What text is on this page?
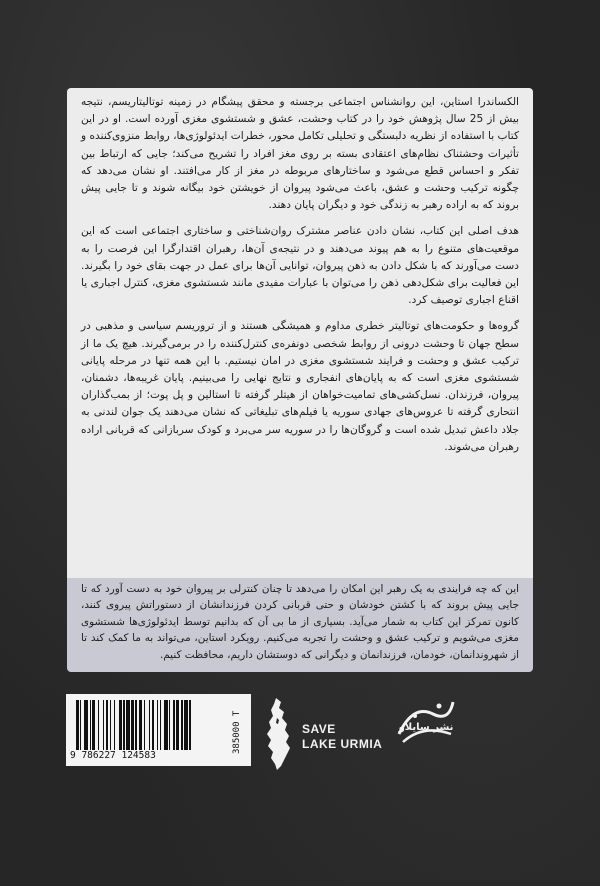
الکساندرا استاین، این روانشناس اجتماعی برجسته و محقق پیشگام در زمینه توتالیتاریسم، نتیجه بیش از 25 سال پژوهش خود را در کتاب وحشت، عشق و شستشوی مغزی آورده است. او در این کتاب با استفاده از نظریه دلبستگی و تحلیلی تکامل محور، خطرات ایدئولوژی‌ها، روابط منزوی‌کننده و تأثیرات وحشتناک نظام‌های اعتقادی بسته بر روی مغز افراد را تشریح می‌کند؛ جایی که ارتباط بین تفکر و احساس قطع می‌شود و ساختارهای مربوطه در مغز از کار می‌افتند. او نشان می‌دهد که چگونه ترکیب وحشت و عشق، باعث می‌شود پیروان از خویشتن خود بیگانه شوند و تا جایی پیش بروند که به اراده رهبر به زندگی خود و دیگران پایان دهند.

هدف اصلی این کتاب، نشان دادن عناصر مشترک روان‌شناختی و ساختاری اجتماعی است که این موقعیت‌های متنوع را به هم پیوند می‌دهند و در نتیجه‌ی آن‌ها، رهبران اقتدارگرا این فرصت را به دست می‌آورند که با شکل دادن به ذهن پیروان، توانایی آن‌ها برای عمل در جهت بقای خود را بگیرند. این فعالیت برای شکل‌دهی ذهن را می‌توان با عبارات مفیدی مانند شستشوی مغزی، کنترل اجباری یا اقناع اجباری توصیف کرد.

گروه‌ها و حکومت‌های توتالیتر خطری مداوم و همیشگی هستند و از تروریسم سیاسی و مذهبی در سطح جهان تا وحشت درونی از روابط شخصی دونفره‌ی کنترل‌کننده را در برمی‌گیرند. هیچ یک ما از ترکیب عشق و وحشت و فرایند شستشوی مغزی در امان نیستیم. با این همه تنها در مرحله پایانی شستشوی مغزی است که به پایان‌های انفجاری و نتایج نهایی را می‌بینیم. پایان غریبه‌ها، دشمنان، پیروان، فرزندان. نسل‌کشی‌های تمامیت‌خواهان از هیتلر گرفته تا استالین و پل پوت؛ از بمب‌گذاران انتحاری گرفته تا عروس‌های جهادی سوریه یا فیلم‌های تبلیغاتی که نشان می‌دهند یک جوان لندنی به جلاد داعش تبدیل شده است و گروگان‌ها را در سوریه سر می‌برد و کودک سربازانی که قربانی اراده رهبران می‌شوند.

این که چه فرایندی به یک رهبر این امکان را می‌دهد تا چنان کنترلی بر پیروان خود به دست آورد که تا جایی پیش بروند که با کشتن خودشان و حتی قربانی کردن فرزندانشان از دستوراتش پیروی کنند، کانون تمرکز این کتاب به شمار می‌آید. بسیاری از ما بی آن که بدانیم توسط ایدئولوژی‌ها شستشوی مغزی می‌شویم و ترکیب عشق و وحشت را تجربه می‌کنیم. رویکرد استاین، می‌تواند به ما کمک کند تا از شهروندانمان، خودمان، فرزندانمان و دیگرانی که دوستشان داریم، محافظت کنیم.

9 786227 124583
385000 T	SAVE
LAKE URMIA
نشر سایلاو
